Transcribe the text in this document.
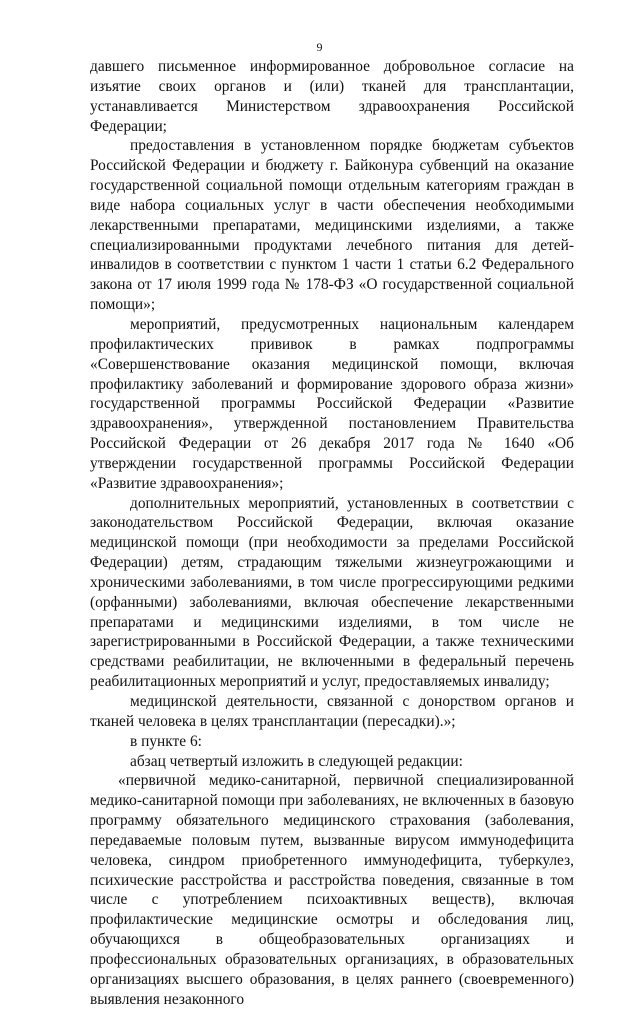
9

давшего письменное информированное добровольное согласие на изъятие своих органов и (или) тканей для трансплантации, устанавливается Министерством здравоохранения Российской Федерации;

предоставления в установленном порядке бюджетам субъектов Российской Федерации и бюджету г. Байконура субвенций на оказание государственной социальной помощи отдельным категориям граждан в виде набора социальных услуг в части обеспечения необходимыми лекарственными препаратами, медицинскими изделиями, а также специализированными продуктами лечебного питания для детей-инвалидов в соответствии с пунктом 1 части 1 статьи 6.2 Федерального закона от 17 июля 1999 года № 178-ФЗ «О государственной социальной помощи»;

мероприятий, предусмотренных национальным календарем профилактических прививок в рамках подпрограммы «Совершенствование оказания медицинской помощи, включая профилактику заболеваний и формирование здорового образа жизни» государственной программы Российской Федерации «Развитие здравоохранения», утвержденной постановлением Правительства Российской Федерации от 26 декабря 2017 года № 1640 «Об утверждении государственной программы Российской Федерации «Развитие здравоохранения»;

дополнительных мероприятий, установленных в соответствии с законодательством Российской Федерации, включая оказание медицинской помощи (при необходимости за пределами Российской Федерации) детям, страдающим тяжелыми жизнеугрожающими и хроническими заболеваниями, в том числе прогрессирующими редкими (орфанными) заболеваниями, включая обеспечение лекарственными препаратами и медицинскими изделиями, в том числе не зарегистрированными в Российской Федерации, а также техническими средствами реабилитации, не включенными в федеральный перечень реабилитационных мероприятий и услуг, предоставляемых инвалиду;

медицинской деятельности, связанной с донорством органов и тканей человека в целях трансплантации (пересадки).»;

в пункте 6:

абзац четвертый изложить в следующей редакции:

«первичной медико-санитарной, первичной специализированной медико-санитарной помощи при заболеваниях, не включенных в базовую программу обязательного медицинского страхования (заболевания, передаваемые половым путем, вызванные вирусом иммунодефицита человека, синдром приобретенного иммунодефицита, туберкулез, психические расстройства и расстройства поведения, связанные в том числе с употреблением психоактивных веществ), включая профилактические медицинские осмотры и обследования лиц, обучающихся в общеобразовательных организациях и профессиональных образовательных организациях, в образовательных организациях высшего образования, в целях раннего (своевременного) выявления незаконного
